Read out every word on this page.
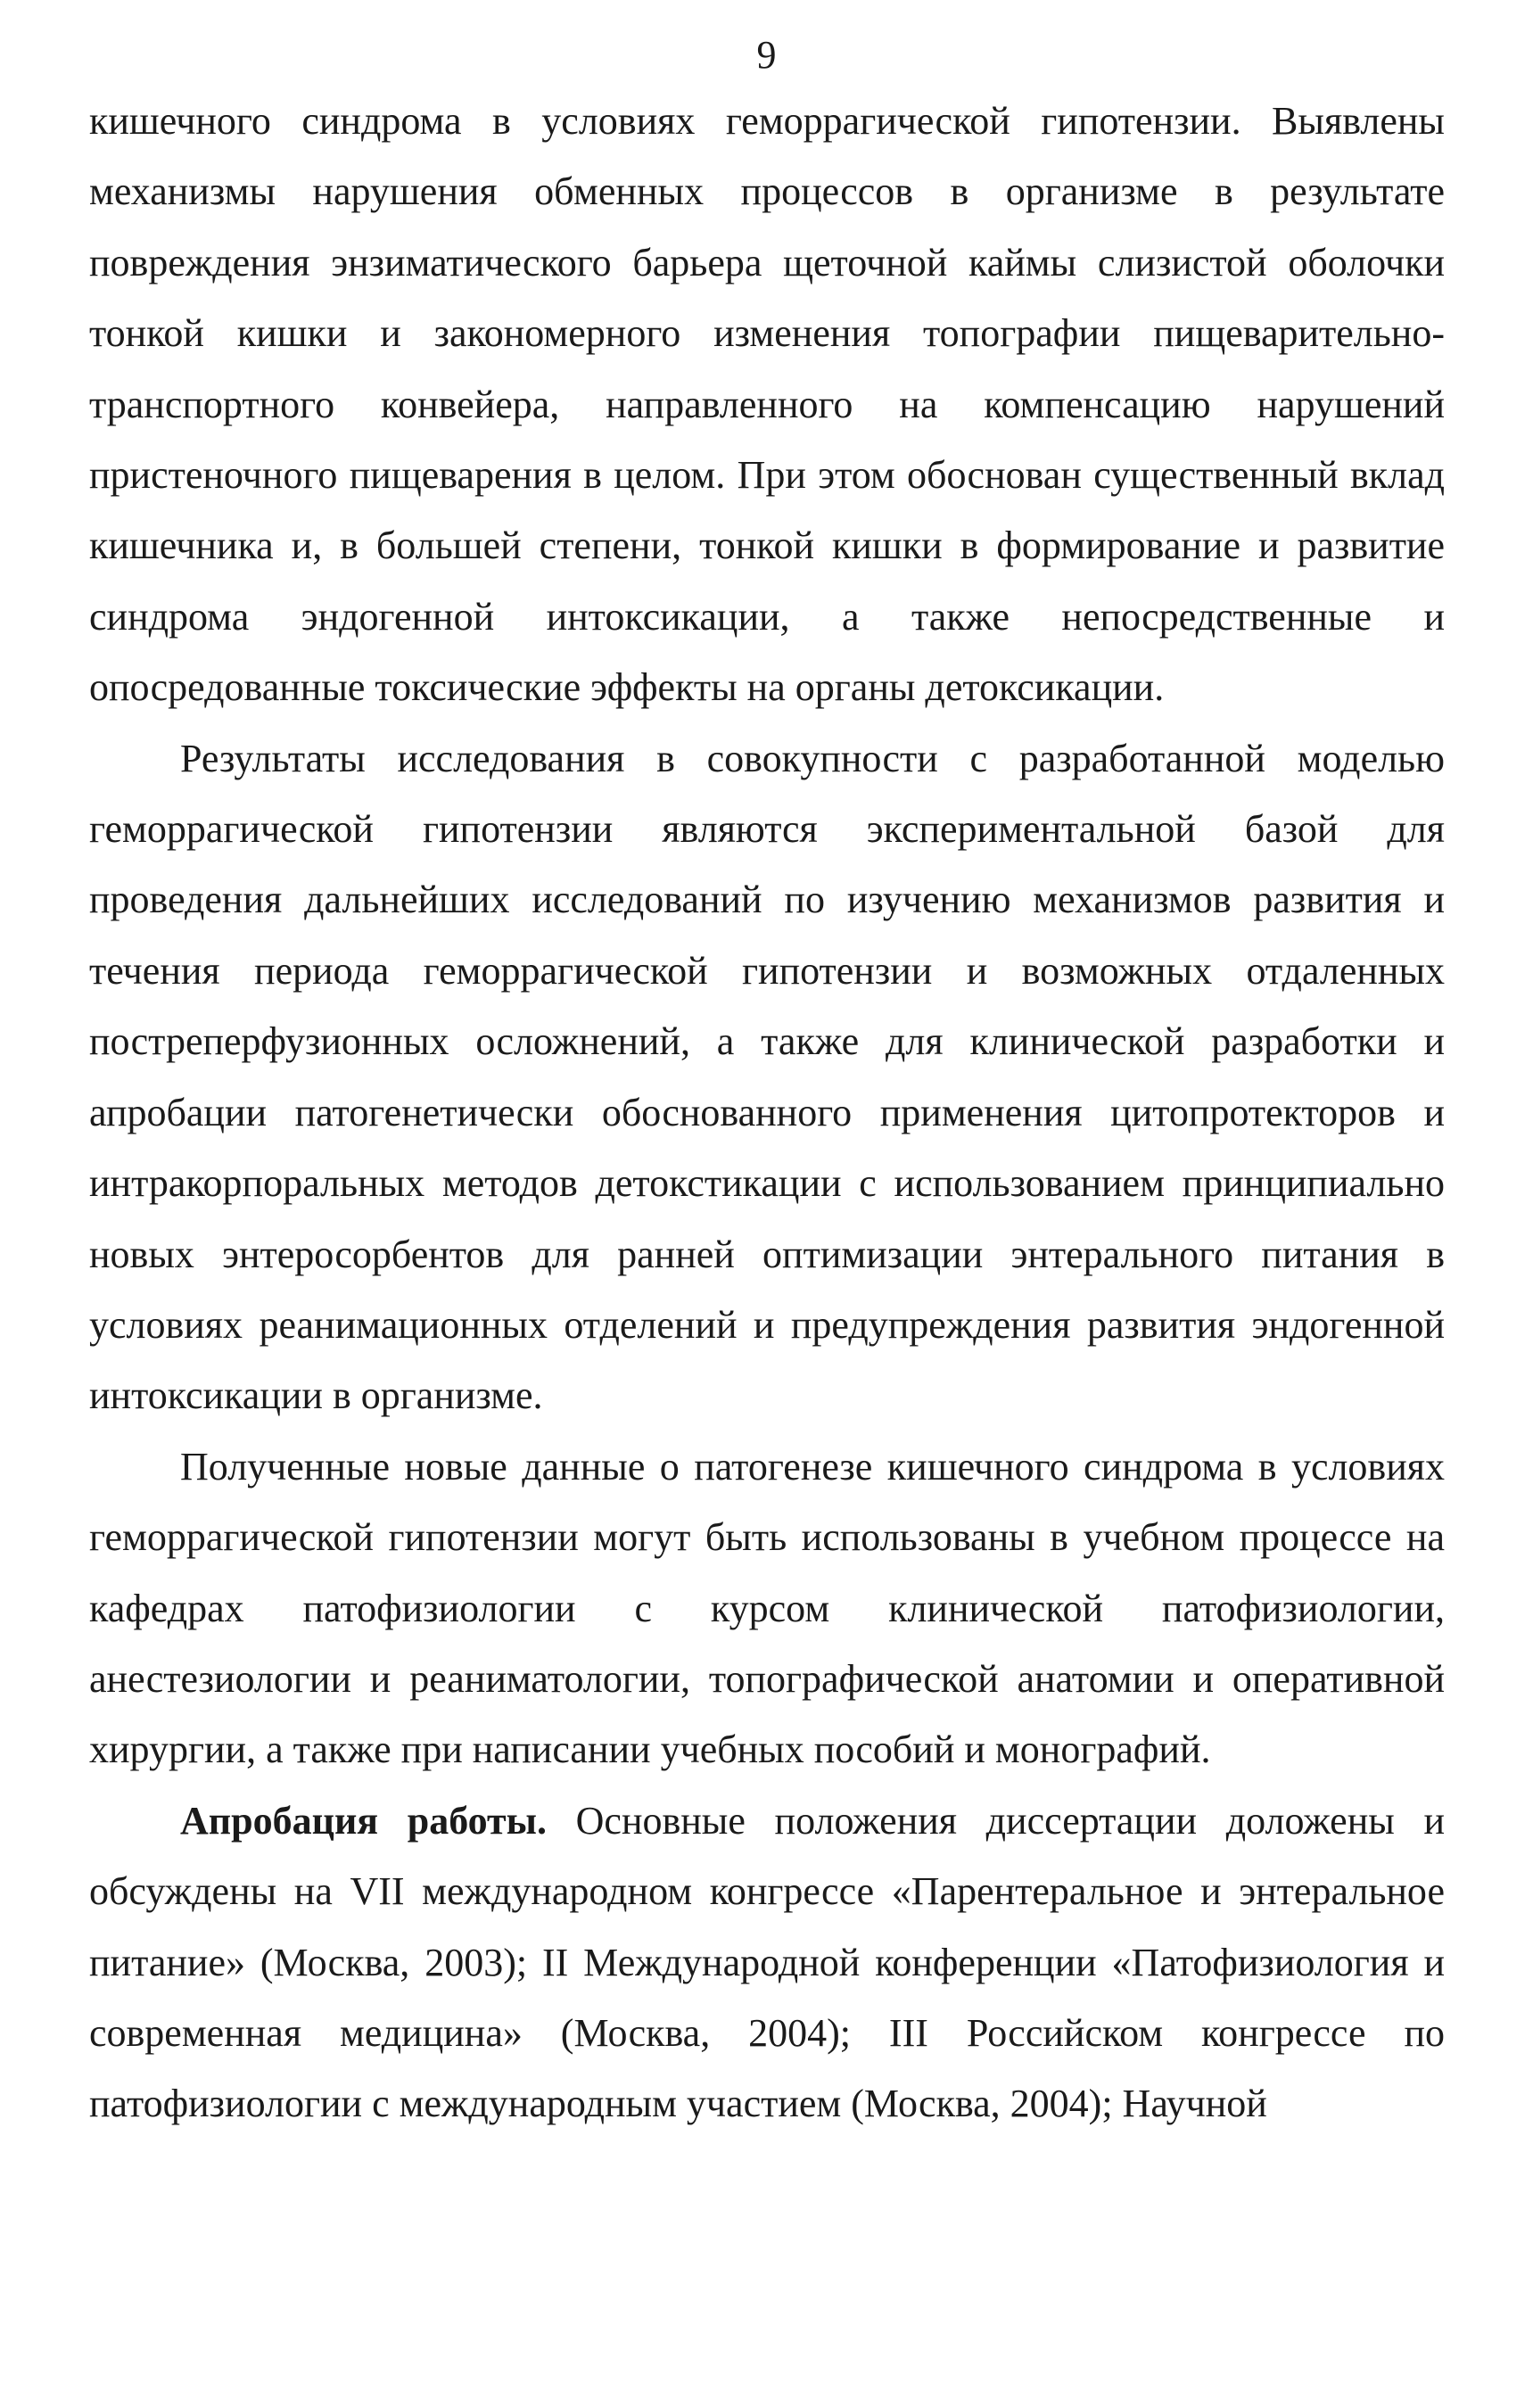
9

кишечного синдрома в условиях геморрагической гипотензии. Выявлены механизмы нарушения обменных процессов в организме в результате повреждения энзиматического барьера щеточной каймы слизистой оболочки тонкой кишки и закономерного изменения топографии пищеварительно-транспортного конвейера, направленного на компенсацию нарушений пристеночного пищеварения в целом. При этом обоснован существенный вклад кишечника и, в большей степени, тонкой кишки в формирование и развитие синдрома эндогенной интоксикации, а также непосредственные и опосредованные токсические эффекты на органы детоксикации.

Результаты исследования в совокупности с разработанной моделью геморрагической гипотензии являются экспериментальной базой для проведения дальнейших исследований по изучению механизмов развития и течения периода геморрагической гипотензии и возможных отдаленных постреперфузионных осложнений, а также для клинической разработки и апробации патогенетически обоснованного применения цитопротекторов и интракорпоральных методов детокстикации с использованием принципиально новых энтеросорбентов для ранней оптимизации энтерального питания в условиях реанимационных отделений и предупреждения развития эндогенной интоксикации в организме.

Полученные новые данные о патогенезе кишечного синдрома в условиях геморрагической гипотензии могут быть использованы в учебном процессе на кафедрах патофизиологии с курсом клинической патофизиологии, анестезиологии и реаниматологии, топографической анатомии и оперативной хирургии, а также при написании учебных пособий и монографий.

Апробация работы. Основные положения диссертации доложены и обсуждены на VII международном конгрессе «Парентеральное и энтеральное питание» (Москва, 2003); II Международной конференции «Патофизиология и современная медицина» (Москва, 2004); III Российском конгрессе по патофизиологии с международным участием (Москва, 2004); Научной
